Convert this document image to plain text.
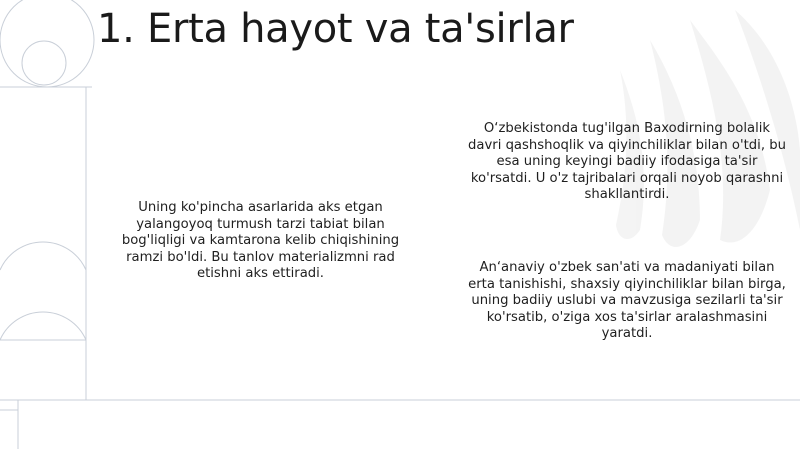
1. Erta hayot va ta'sirlar

Uning ko'pincha asarlarida aks etgan yalangoyoq turmush tarzi tabiat bilan bog'liqligi va kamtarona kelib chiqishining ramzi bo'ldi. Bu tanlov materializmni rad etishni aks ettiradi.

O‘zbekistonda tug'ilgan Baxodirning bolalik davri qashshoqlik va qiyinchiliklar bilan o'tdi, bu esa uning keyingi badiiy ifodasiga ta'sir ko'rsatdi. U o'z tajribalari orqali noyob qarashni shakllantirdi.

An‘anaviy o'zbek san'ati va madaniyati bilan erta tanishishi, shaxsiy qiyinchiliklar bilan birga, uning badiiy uslubi va mavzusiga sezilarli ta'sir ko'rsatib, o'ziga xos ta'sirlar aralashmasini yaratdi.
